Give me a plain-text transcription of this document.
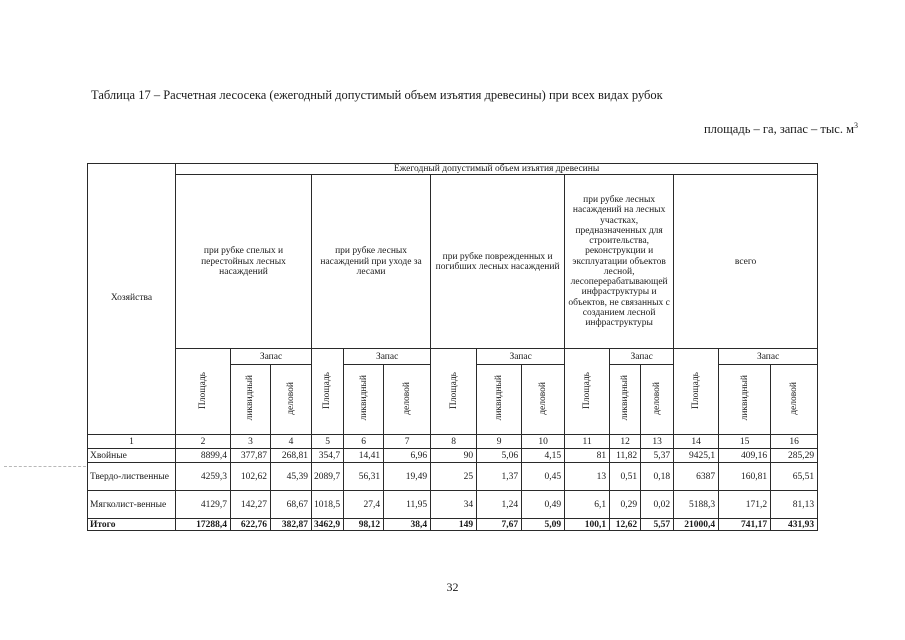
Таблица 17 – Расчетная лесосека (ежегодный допустимый объем изъятия древесины) при всех видах рубок
площадь – га, запас – тыс. $м^3$
Хозяйства	Ежегодный допустимый объем изъятия древесины														
	при рубке спелых и перестойных лесных насаждений			при рубке лесных насаждений при уходе за лесами			при рубке поврежденных и погибших лесных насаждений			при рубке лесных насаждений на лесных участках, предназначенных для строительства, реконструкции и эксплуатации объектов лесной, лесоперерабатывающей инфраструктуры и объектов, не связанных с созданием лесной инфраструктуры			всего		
	Площадь	Запас		Площадь	Запас		Площадь	Запас		Площадь	Запас		Площадь	Запас	
		ликвидный	деловой		ликвидный	деловой		ликвидный	деловой		ликвидный	деловой		ликвидный	деловой
1	2	3	4	5	6	7	8	9	10	11	12	13	14	15	16
Хвойные	8899,4	377,87	268,81	354,7	14,41	6,96	90	5,06	4,15	81	11,82	5,37	9425,1	409,16	285,29
Твердо-лиственные	4259,3	102,62	45,39	2089,7	56,31	19,49	25	1,37	0,45	13	0,51	0,18	6387	160,81	65,51
Мягколист-венные	4129,7	142,27	68,67	1018,5	27,4	11,95	34	1,24	0,49	6,1	0,29	0,02	5188,3	171,2	81,13
Итого	17288,4	622,76	382,87	3462,9	98,12	38,4	149	7,67	5,09	100,1	12,62	5,57	21000,4	741,17	431,93
32
